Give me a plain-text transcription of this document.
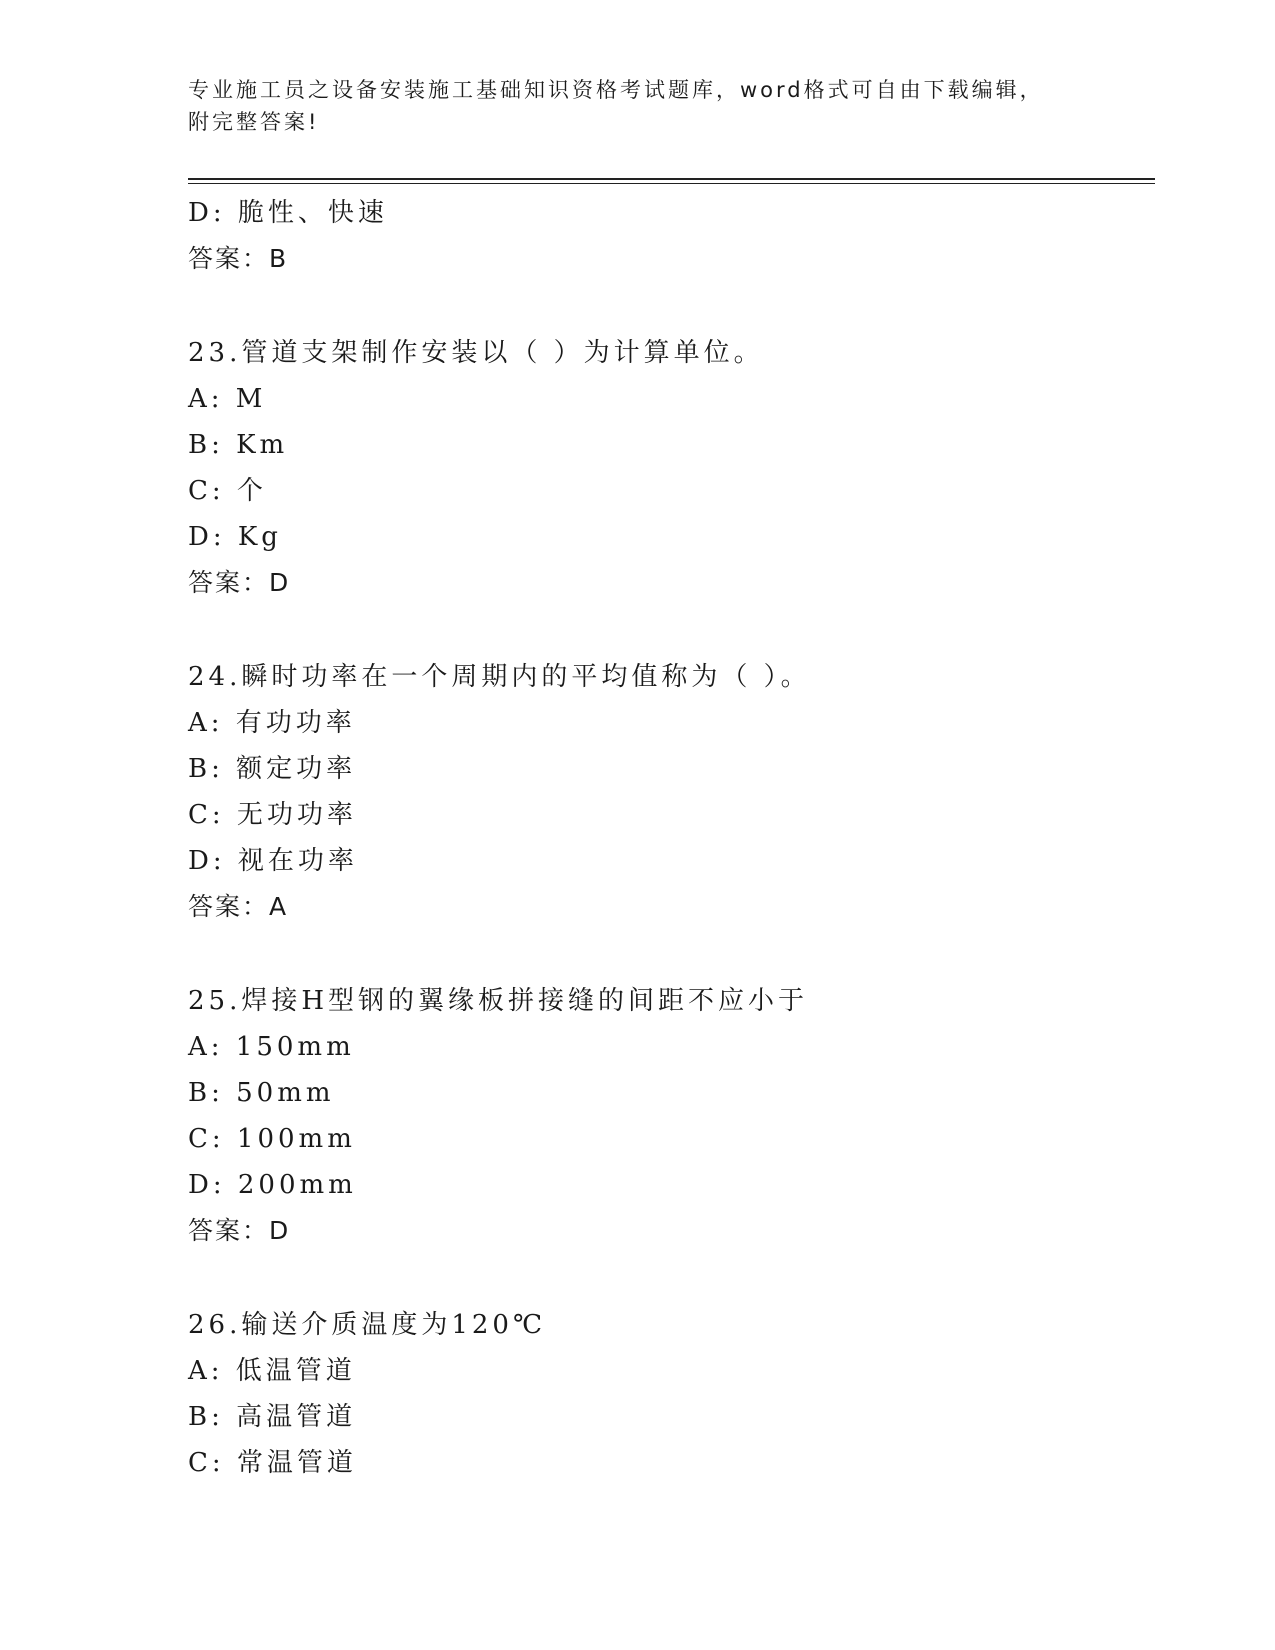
专业施工员之设备安装施工基础知识资格考试题库，word格式可自由下载编辑，
附完整答案!
D: 脆性、快速
答案：B
23.管道支架制作安装以（ ）为计算单位。
A: M
B: Km
C: 个
D: Kg
答案：D
24.瞬时功率在一个周期内的平均值称为（ ）。
A: 有功功率
B: 额定功率
C: 无功功率
D: 视在功率
答案：A
25.焊接H型钢的翼缘板拼接缝的间距不应小于
A: 150mm
B: 50mm
C: 100mm
D: 200mm
答案：D
26.输送介质温度为120℃
A: 低温管道
B: 高温管道
C: 常温管道
